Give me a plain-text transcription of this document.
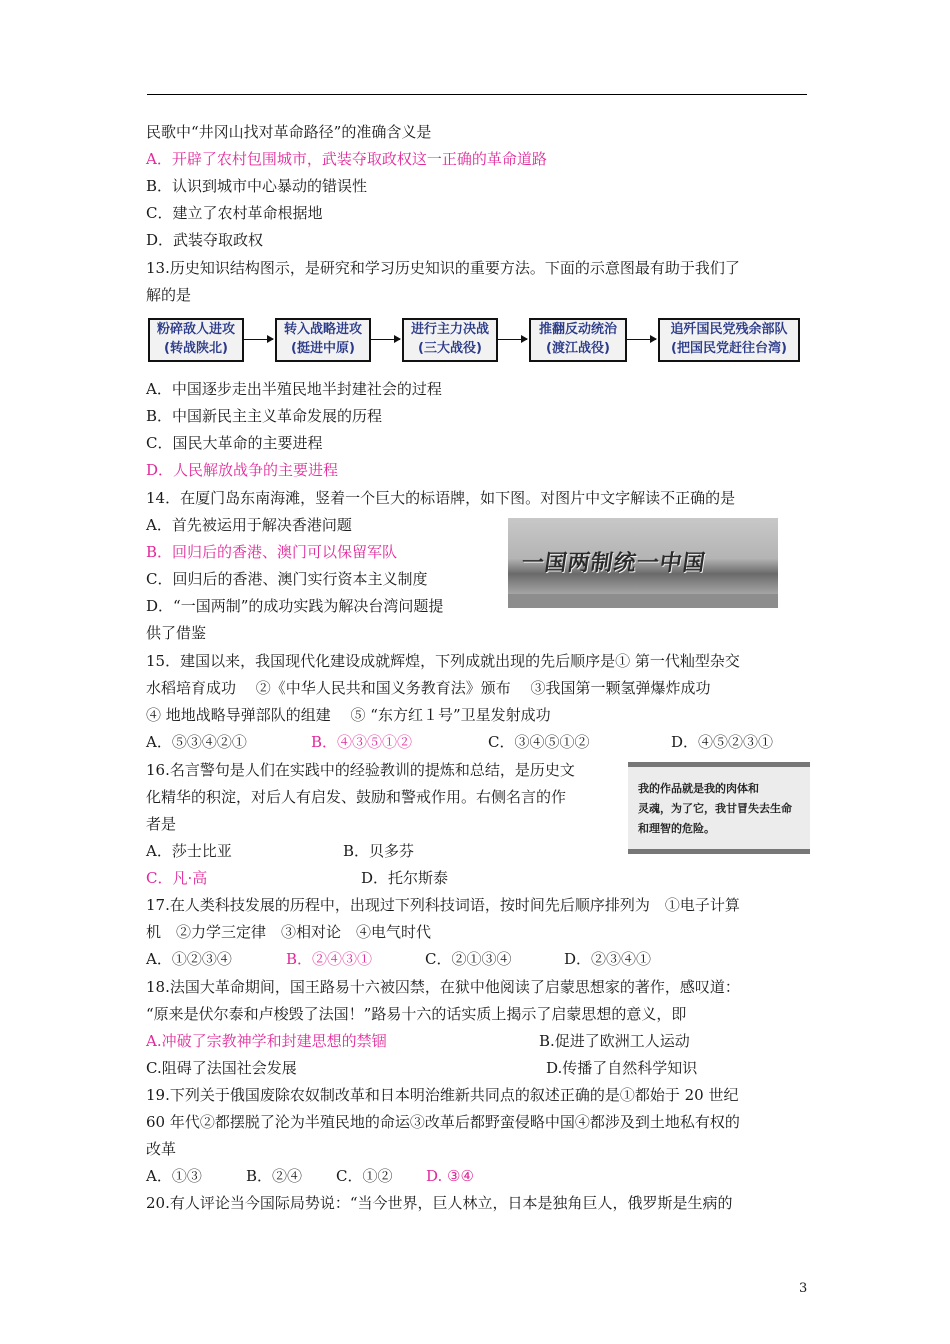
民歌中“井冈山找对革命路径”的准确含义是
A．开辟了农村包围城市，武装夺取政权这一正确的革命道路
B．认识到城市中心暴动的错误性
C．建立了农村革命根据地
D．武装夺取政权
13.历史知识结构图示，是研究和学习历史知识的重要方法。下面的示意图最有助于我们了
解的是
粉碎敌人进攻
(转战陕北)
转入战略进攻
(挺进中原)
进行主力决战
(三大战役)
推翻反动统治
(渡江战役)
追歼国民党残余部队
(把国民党赶往台湾)
A．中国逐步走出半殖民地半封建社会的过程
B．中国新民主主义革命发展的历程
C．国民大革命的主要进程
D．人民解放战争的主要进程
14．在厦门岛东南海滩，竖着一个巨大的标语牌，如下图。对图片中文字解读不正确的是
A．首先被运用于解决香港问题
B．回归后的香港、澳门可以保留军队
C．回归后的香港、澳门实行资本主义制度
D．“一国两制”的成功实践为解决台湾问题提
供了借鉴
一国两制统一中国
15．建国以来，我国现代化建设成就辉煌，下列成就出现的先后顺序是① 第一代籼型杂交
水稻培育成功　 ②《中华人民共和国义务教育法》颁布　 ③我国第一颗氢弹爆炸成功
④ 地地战略导弹部队的组建　 ⑤ “东方红１号”卫星发射成功
A．⑤③④②①	B．④③⑤①②	C．③④⑤①②	D．④⑤②③①
16.名言警句是人们在实践中的经验教训的提炼和总结，是历史文
化精华的积淀，对后人有启发、鼓励和警戒作用。右侧名言的作
者是
我的作品就是我的肉体和
灵魂，为了它，我甘冒失去生命
和理智的危险。
A．莎士比亚	B．贝多芬
C．凡·高	D．托尔斯泰
17.在人类科技发展的历程中，出现过下列科技词语，按时间先后顺序排列为　①电子计算
机　②力学三定律　③相对论　④电气时代
A．①②③④	B．②④③①	C．②①③④	D．②③④①
18.法国大革命期间，国王路易十六被囚禁，在狱中他阅读了启蒙思想家的著作，感叹道：
“原来是伏尔泰和卢梭毁了法国！”路易十六的话实质上揭示了启蒙思想的意义，即
A.冲破了宗教神学和封建思想的禁锢	B.促进了欧洲工人运动
C.阻碍了法国社会发展	D.传播了自然科学知识
19.下列关于俄国废除农奴制改革和日本明治维新共同点的叙述正确的是①都始于 20 世纪
60 年代②都摆脱了沦为半殖民地的命运③改革后都野蛮侵略中国④都涉及到土地私有权的
改革
A．①③	B．②④ C．①② D. ③④
20.有人评论当今国际局势说：“当今世界，巨人林立，日本是独角巨人，俄罗斯是生病的
3
